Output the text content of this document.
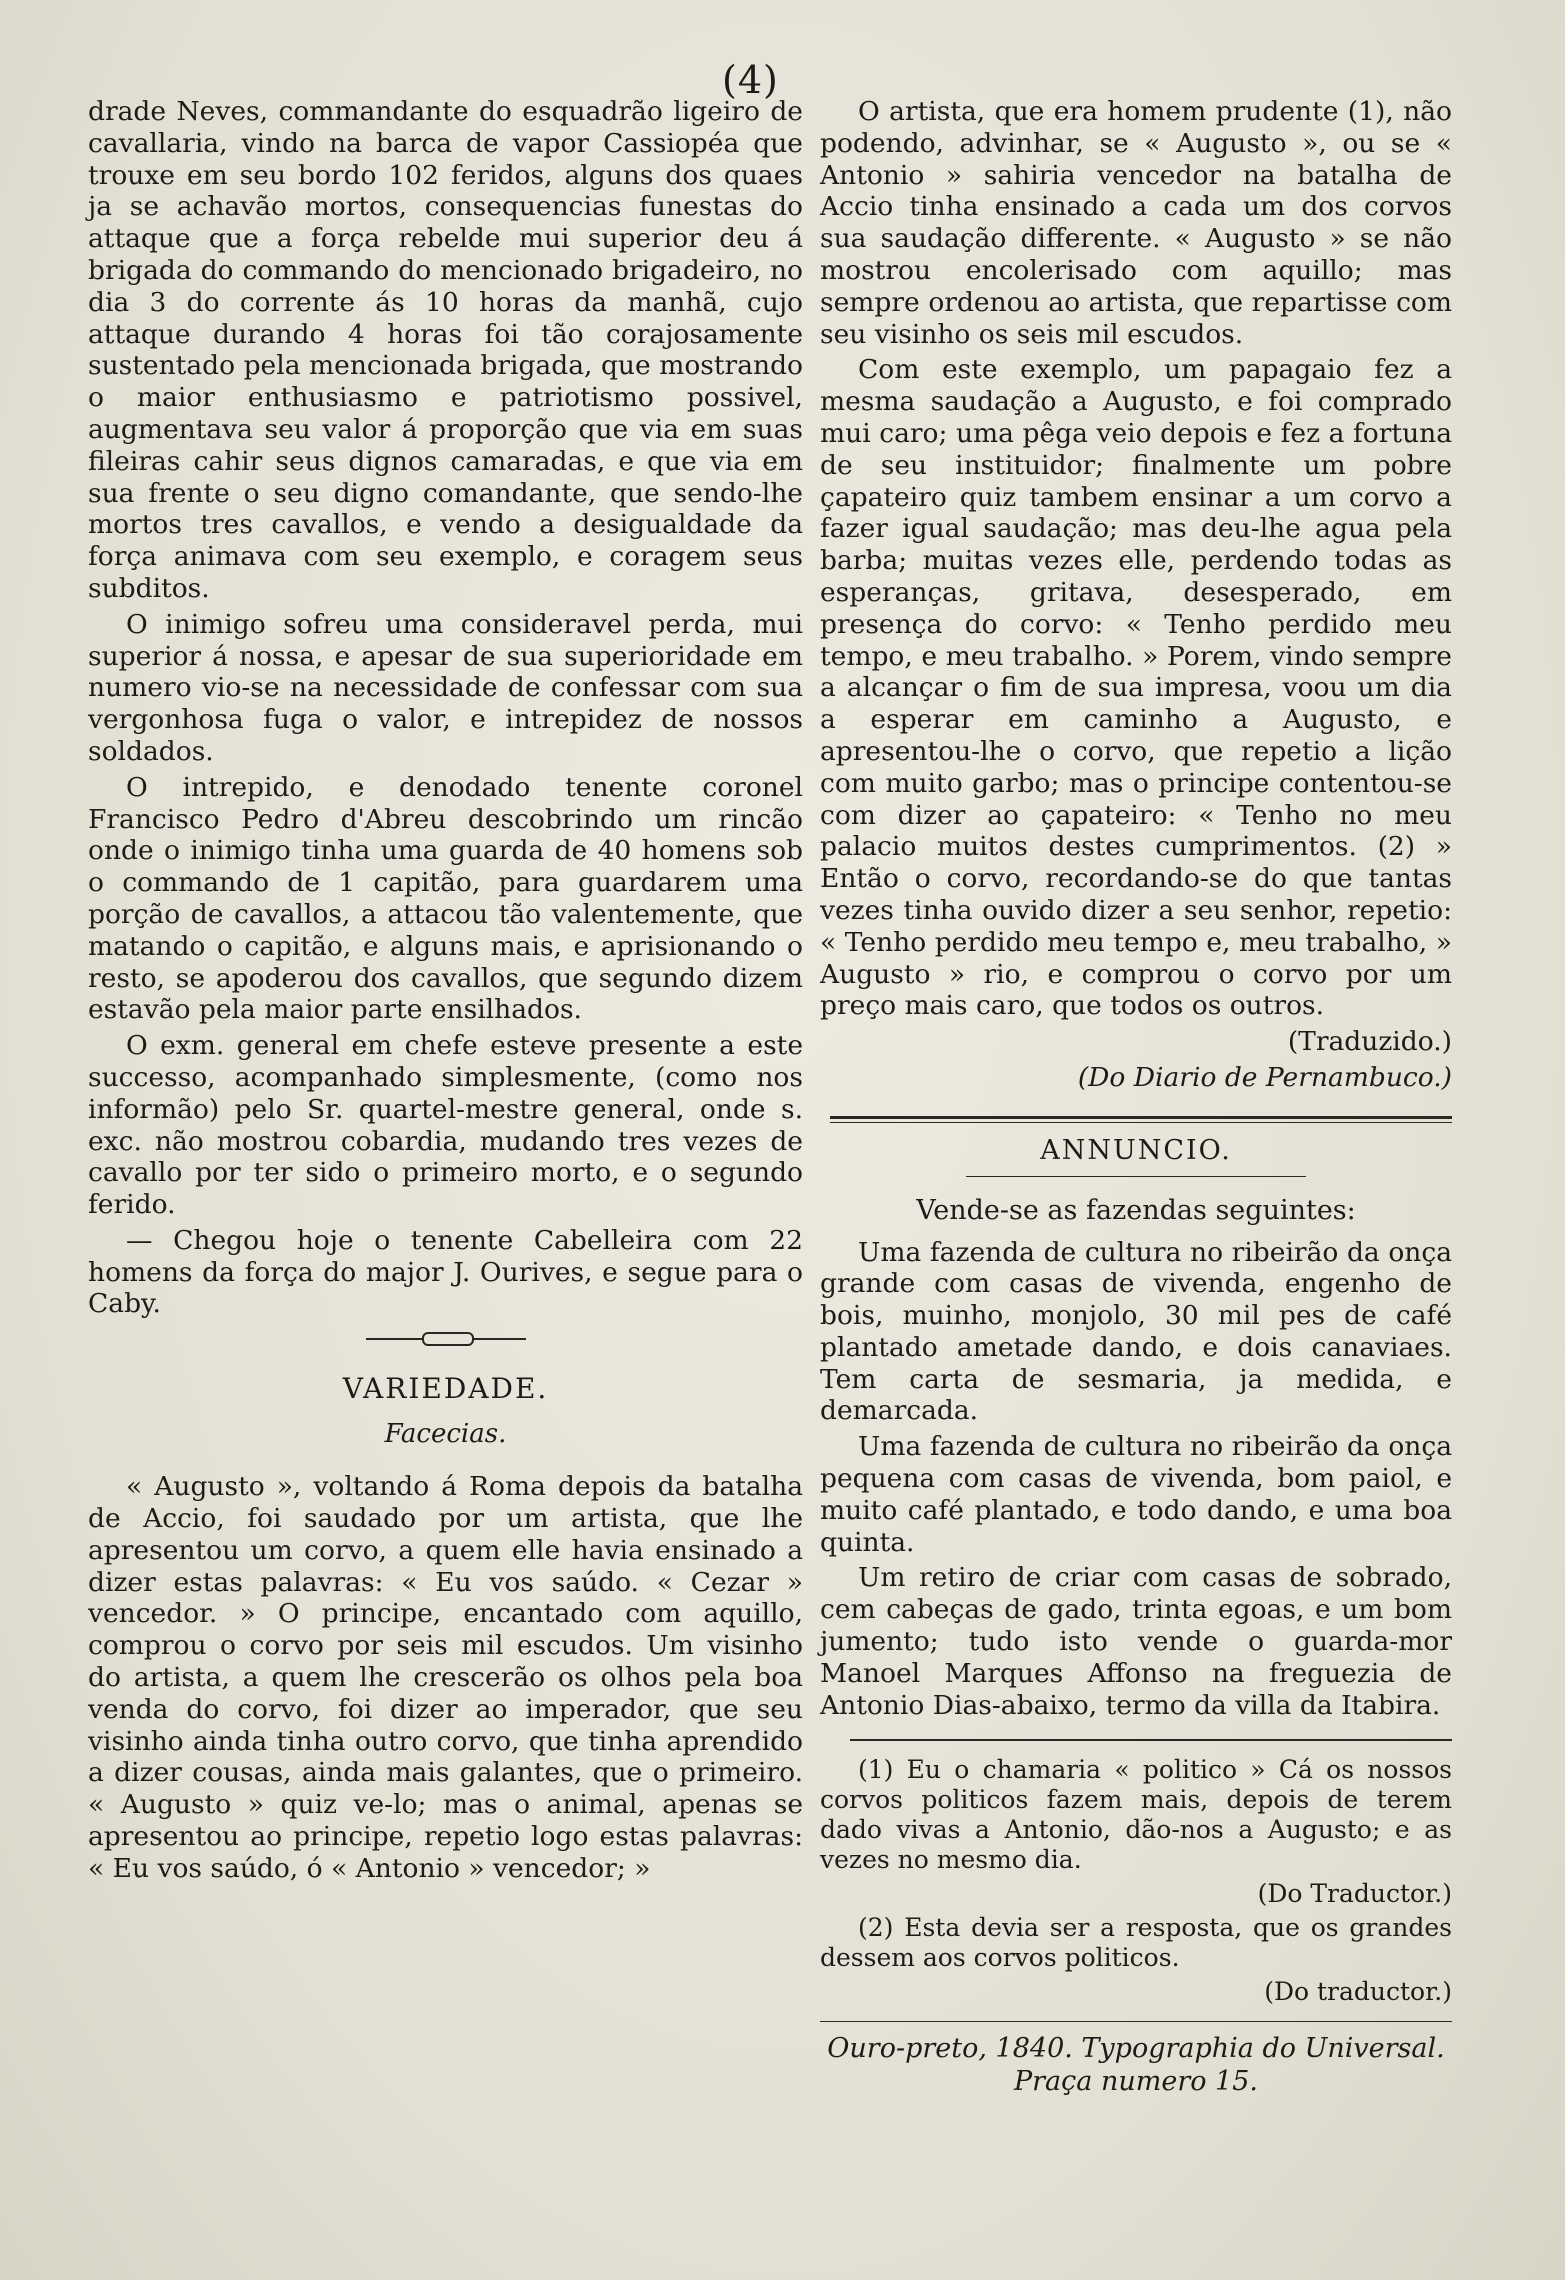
(4)

drade Neves, commandante do esquadrão ligeiro de cavallaria, vindo na barca de vapor Cassiopéa que trouxe em seu bordo 102 feridos, alguns dos quaes ja se achavão mortos, consequencias funestas do attaque que a força rebelde mui superior deu á brigada do commando do mencionado brigadeiro, no dia 3 do corrente ás 10 horas da manhã, cujo attaque durando 4 horas foi tão corajosamente sustentado pela mencionada brigada, que mostrando o maior enthusiasmo e patriotismo possivel, augmentava seu valor á proporção que via em suas fileiras cahir seus dignos camaradas, e que via em sua frente o seu digno comandante, que sendo-lhe mortos tres cavallos, e vendo a desigualdade da força animava com seu exemplo, e coragem seus subditos.

O inimigo sofreu uma consideravel perda, mui superior á nossa, e apesar de sua superioridade em numero vio-se na necessidade de confessar com sua vergonhosa fuga o valor, e intrepidez de nossos soldados.

O intrepido, e denodado tenente coronel Francisco Pedro d'Abreu descobrindo um rincão onde o inimigo tinha uma guarda de 40 homens sob o commando de 1 capitão, para guardarem uma porção de cavallos, a attacou tão valentemente, que matando o capitão, e alguns mais, e aprisionando o resto, se apoderou dos cavallos, que segundo dizem estavão pela maior parte ensilhados.

O exm. general em chefe esteve presente a este successo, acompanhado simplesmente, (como nos informão) pelo Sr. quartel-mestre general, onde s. exc. não mostrou cobardia, mudando tres vezes de cavallo por ter sido o primeiro morto, e o segundo ferido.

— Chegou hoje o tenente Cabelleira com 22 homens da força do major J. Ourives, e segue para o Caby.

VARIEDADE.
Facecias.

« Augusto », voltando á Roma depois da batalha de Accio, foi saudado por um artista, que lhe apresentou um corvo, a quem elle havia ensinado a dizer estas palavras: « Eu vos saúdo. « Cezar » vencedor. » O principe, encantado com aquillo, comprou o corvo por seis mil escudos. Um visinho do artista, a quem lhe crescerão os olhos pela boa venda do corvo, foi dizer ao imperador, que seu visinho ainda tinha outro corvo, que tinha aprendido a dizer cousas, ainda mais galantes, que o primeiro. « Augusto » quiz ve-lo; mas o animal, apenas se apresentou ao principe, repetio logo estas palavras: « Eu vos saúdo, ó « Antonio » vencedor; »

O artista, que era homem prudente (1), não podendo, advinhar, se « Augusto », ou se « Antonio » sahiria vencedor na batalha de Accio tinha ensinado a cada um dos corvos sua saudação differente. « Augusto » se não mostrou encolerisado com aquillo; mas sempre ordenou ao artista, que repartisse com seu visinho os seis mil escudos.

Com este exemplo, um papagaio fez a mesma saudação a Augusto, e foi comprado mui caro; uma pêga veio depois e fez a fortuna de seu instituidor; finalmente um pobre çapateiro quiz tambem ensinar a um corvo a fazer igual saudação; mas deu-lhe agua pela barba; muitas vezes elle, perdendo todas as esperanças, gritava, desesperado, em presença do corvo: « Tenho perdido meu tempo, e meu trabalho. » Porem, vindo sempre a alcançar o fim de sua impresa, voou um dia a esperar em caminho a Augusto, e apresentou-lhe o corvo, que repetio a lição com muito garbo; mas o principe contentou-se com dizer ao çapateiro: « Tenho no meu palacio muitos destes cumprimentos. (2) » Então o corvo, recordando-se do que tantas vezes tinha ouvido dizer a seu senhor, repetio: « Tenho perdido meu tempo e, meu trabalho, » Augusto » rio, e comprou o corvo por um preço mais caro, que todos os outros.

(Traduzido.)

(Do Diario de Pernambuco.)

ANNUNCIO.

Vende-se as fazendas seguintes:

Uma fazenda de cultura no ribeirão da onça grande com casas de vivenda, engenho de bois, muinho, monjolo, 30 mil pes de café plantado ametade dando, e dois canaviaes. Tem carta de sesmaria, ja medida, e demarcada.

Uma fazenda de cultura no ribeirão da onça pequena com casas de vivenda, bom paiol, e muito café plantado, e todo dando, e uma boa quinta.

Um retiro de criar com casas de sobrado, cem cabeças de gado, trinta egoas, e um bom jumento; tudo isto vende o guarda-mor Manoel Marques Affonso na freguezia de Antonio Dias-abaixo, termo da villa da Itabira.

(1) Eu o chamaria « politico » Cá os nossos corvos politicos fazem mais, depois de terem dado vivas a Antonio, dão-nos a Augusto; e as vezes no mesmo dia.

(Do Traductor.)

(2) Esta devia ser a resposta, que os grandes dessem aos corvos politicos.

(Do traductor.)

Ouro-preto, 1840. Typographia do Universal.
Praça numero 15.
